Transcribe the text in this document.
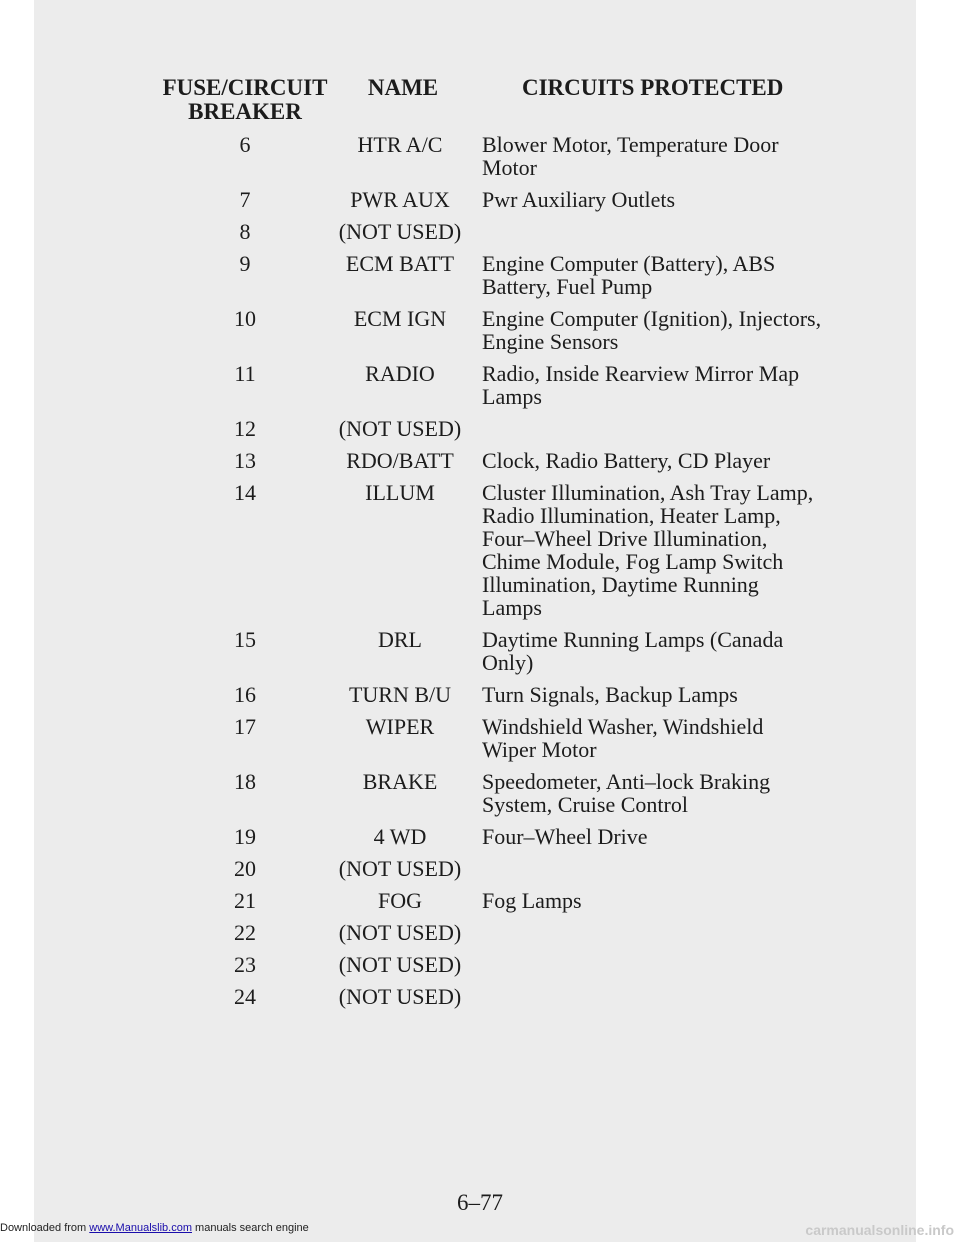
FUSE/CIRCUIT
BREAKER
NAME	CIRCUITS PROTECTED
6	HTR A/C	Blower Motor, Temperature Door Motor
7	PWR AUX	Pwr Auxiliary Outlets
8	(NOT USED)
9	ECM BATT	Engine Computer (Battery), ABS Battery, Fuel Pump
10	ECM IGN	Engine Computer (Ignition), Injectors, Engine Sensors
11	RADIO	Radio, Inside Rearview Mirror Map Lamps
12	(NOT USED)
13	RDO/BATT	Clock, Radio Battery, CD Player
14	ILLUM	Cluster Illumination, Ash Tray Lamp, Radio Illumination, Heater Lamp, Four–Wheel Drive Illumination, Chime Module, Fog Lamp Switch Illumination, Daytime Running Lamps
15	DRL	Daytime Running Lamps (Canada Only)
16	TURN B/U	Turn Signals, Backup Lamps
17	WIPER	Windshield Washer, Windshield Wiper Motor
18	BRAKE	Speedometer, Anti–lock Braking System, Cruise Control
19	4 WD	Four–Wheel Drive
20	(NOT USED)
21	FOG	Fog Lamps
22	(NOT USED)
23	(NOT USED)
24	(NOT USED)
6–77
Downloaded from www.Manualslib.com manuals search engine	carmanualsonline.info
